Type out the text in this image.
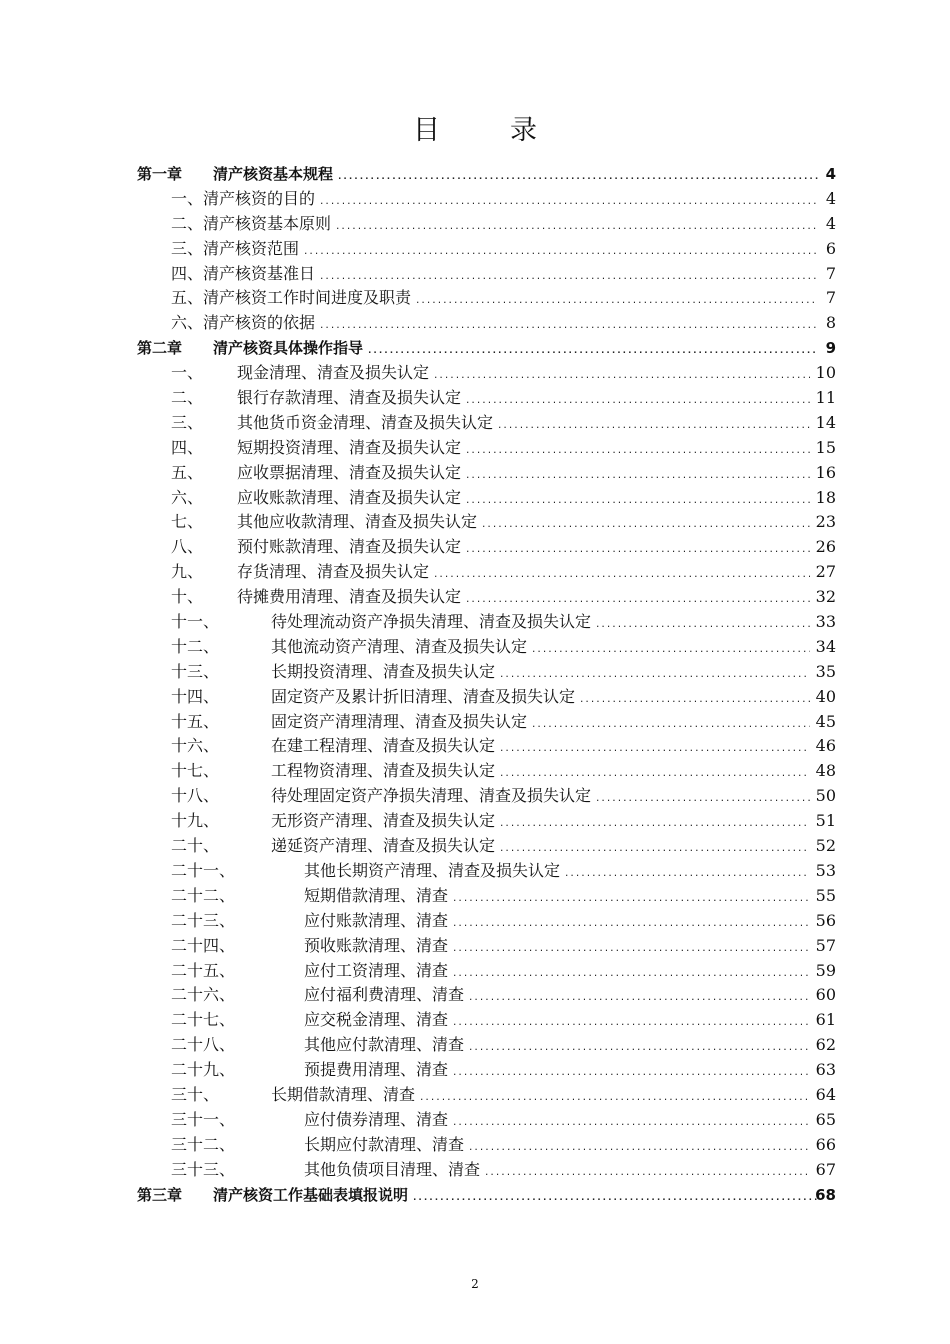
目	录
第一章 清产核资基本规程 .....	4
一、清产核资的目的 .....	4
二、清产核资基本原则 .....	4
三、清产核资范围 .....	6
四、清产核资基准日 .....	7
五、清产核资工作时间进度及职责 .....	7
六、清产核资的依据 .....	8
第二章 清产核资具体操作指导 .....	9
一、 现金清理、清查及损失认定 .....	10
二、 银行存款清理、清查及损失认定 .....	11
三、 其他货币资金清理、清查及损失认定 .....	14
四、 短期投资清理、清查及损失认定 .....	15
五、 应收票据清理、清查及损失认定 .....	16
六、 应收账款清理、清查及损失认定 .....	18
七、 其他应收款清理、清查及损失认定 .....	23
八、 预付账款清理、清查及损失认定 .....	26
九、 存货清理、清查及损失认定 .....	27
十、 待摊费用清理、清查及损失认定 .....	32
十一、	待处理流动资产净损失清理、清查及损失认定 .....	33
十二、	其他流动资产清理、清查及损失认定 .....	34
十三、	长期投资清理、清查及损失认定 .....	35
十四、	固定资产及累计折旧清理、清查及损失认定 .....	40
十五、	固定资产清理清理、清查及损失认定 .....	45
十六、	在建工程清理、清查及损失认定 .....	46
十七、	工程物资清理、清查及损失认定 .....	48
十八、	待处理固定资产净损失清理、清查及损失认定 .....	50
十九、	无形资产清理、清查及损失认定 .....	51
二十、	递延资产清理、清查及损失认定 .....	52
二十一、	其他长期资产清理、清查及损失认定 .....	53
二十二、	短期借款清理、清查 .....	55
二十三、	应付账款清理、清查 .....	56
二十四、	预收账款清理、清查 .....	57
二十五、	应付工资清理、清查 .....	59
二十六、	应付福利费清理、清查 .....	60
二十七、	应交税金清理、清查 .....	61
二十八、	其他应付款清理、清查 .....	62
二十九、	预提费用清理、清查 .....	63
三十、	长期借款清理、清查 .....	64
三十一、	应付债券清理、清查 .....	65
三十二、	长期应付款清理、清查 .....	66
三十三、	其他负债项目清理、清查 .....	67
第三章 清产核资工作基础表填报说明 .....	68
2
